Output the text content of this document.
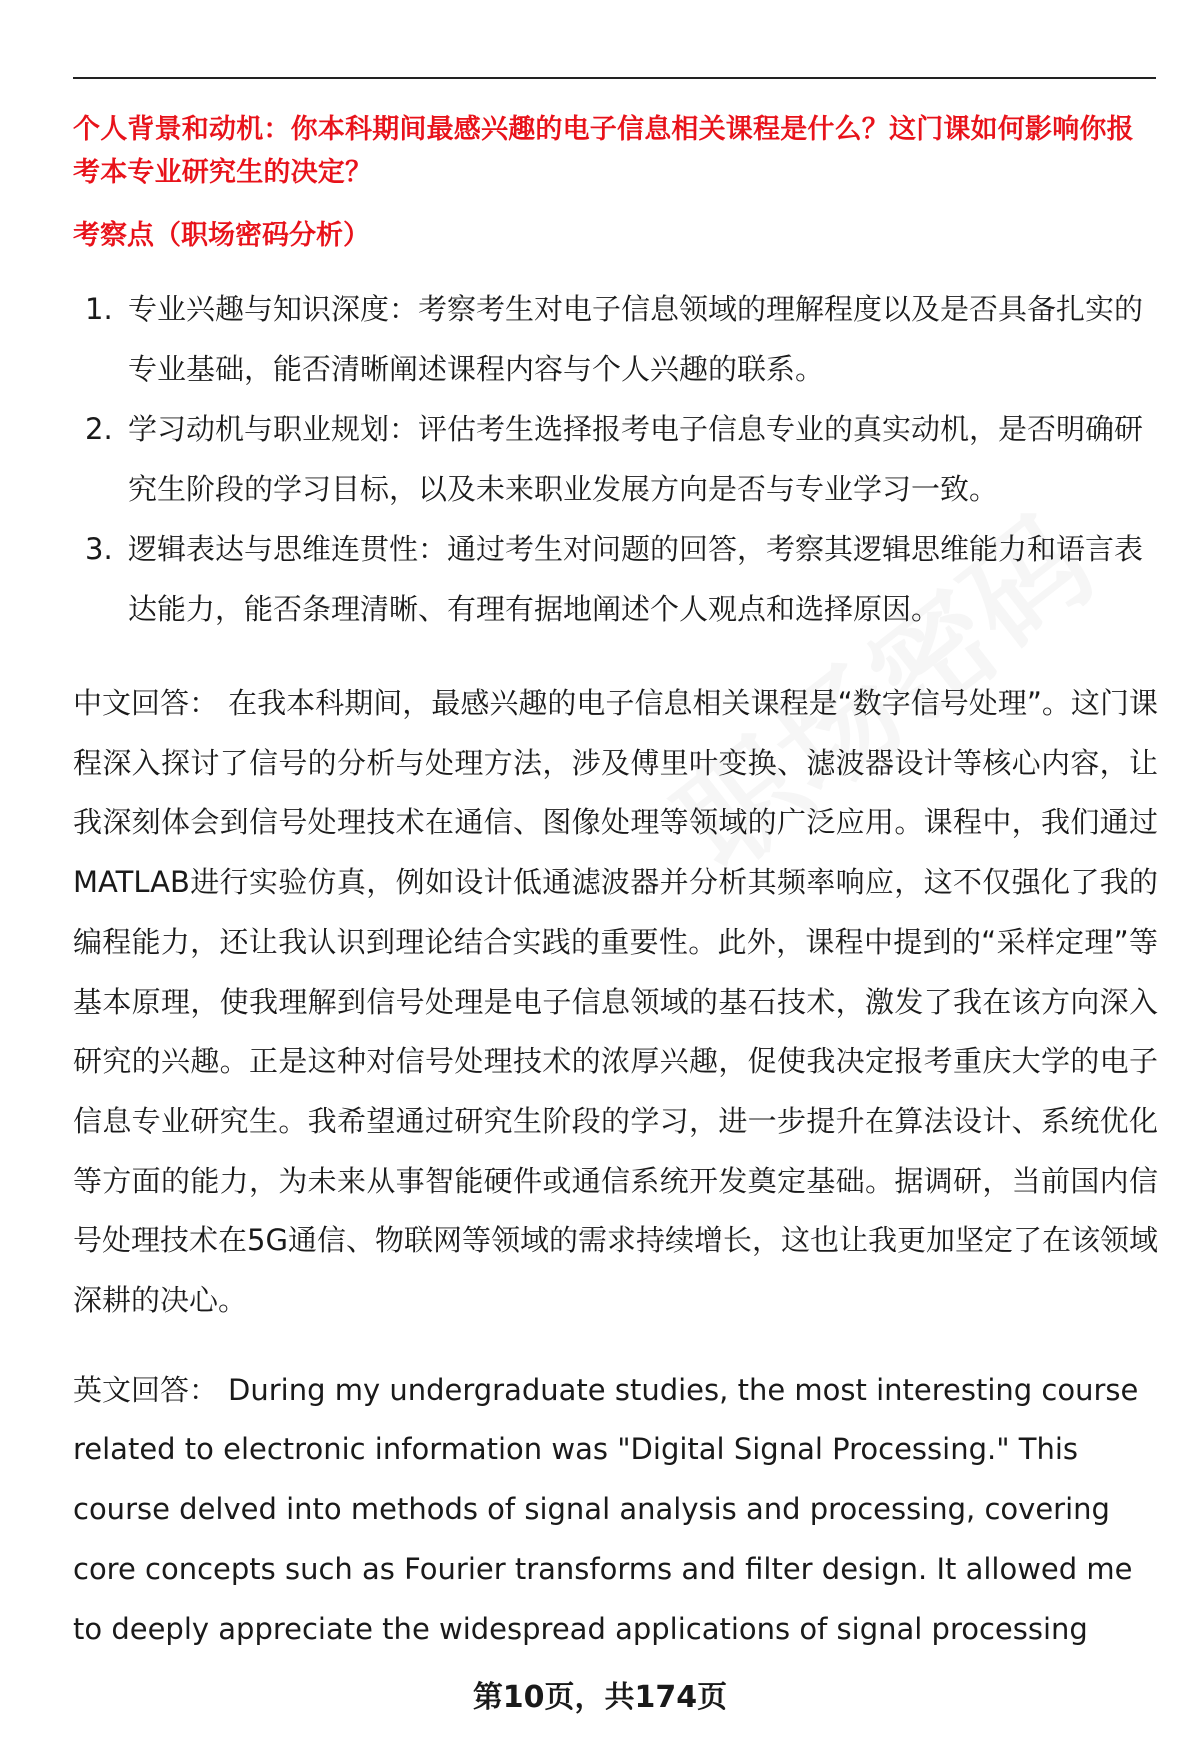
个人背景和动机：你本科期间最感兴趣的电子信息相关课程是什么？这门课如何影响你报考本专业研究生的决定？

考察点（职场密码分析）

1. 专业兴趣与知识深度：考察考生对电子信息领域的理解程度以及是否具备扎实的专业基础，能否清晰阐述课程内容与个人兴趣的联系。
2. 学习动机与职业规划：评估考生选择报考电子信息专业的真实动机，是否明确研究生阶段的学习目标，以及未来职业发展方向是否与专业学习一致。
3. 逻辑表达与思维连贯性：通过考生对问题的回答，考察其逻辑思维能力和语言表达能力，能否条理清晰、有理有据地阐述个人观点和选择原因。

中文回答： 在我本科期间，最感兴趣的电子信息相关课程是“数字信号处理”。这门课程深入探讨了信号的分析与处理方法，涉及傅里叶变换、滤波器设计等核心内容，让我深刻体会到信号处理技术在通信、图像处理等领域的广泛应用。课程中，我们通过MATLAB进行实验仿真，例如设计低通滤波器并分析其频率响应，这不仅强化了我的编程能力，还让我认识到理论结合实践的重要性。此外，课程中提到的“采样定理”等基本原理，使我理解到信号处理是电子信息领域的基石技术，激发了我在该方向深入研究的兴趣。正是这种对信号处理技术的浓厚兴趣，促使我决定报考重庆大学的电子信息专业研究生。我希望通过研究生阶段的学习，进一步提升在算法设计、系统优化等方面的能力，为未来从事智能硬件或通信系统开发奠定基础。据调研，当前国内信号处理技术在5G通信、物联网等领域的需求持续增长，这也让我更加坚定了在该领域深耕的决心。

英文回答： During my undergraduate studies, the most interesting course related to electronic information was "Digital Signal Processing." This course delved into methods of signal analysis and processing, covering core concepts such as Fourier transforms and filter design. It allowed me to deeply appreciate the widespread applications of signal processing

第10页，共174页
